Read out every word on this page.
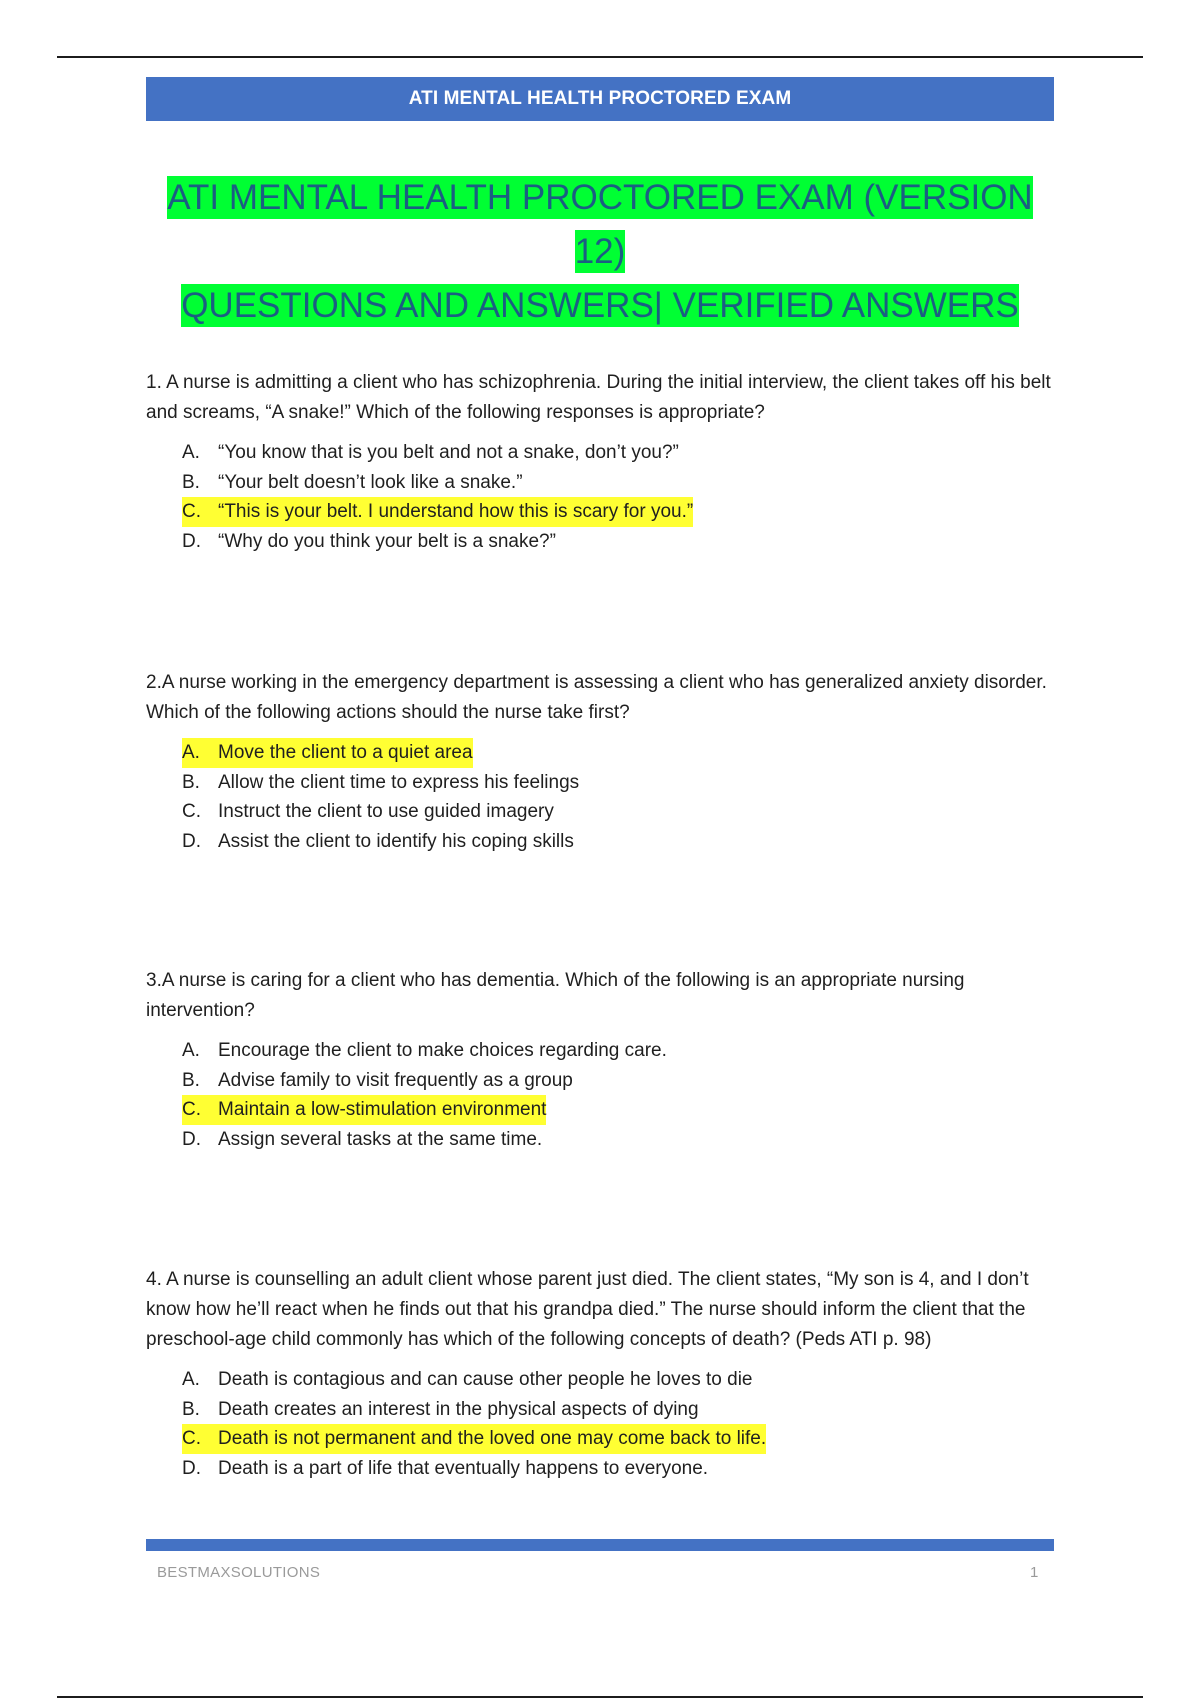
ATI MENTAL HEALTH PROCTORED EXAM
ATI MENTAL HEALTH PROCTORED EXAM (VERSION 12)
QUESTIONS AND ANSWERS| VERIFIED ANSWERS
1. A nurse is admitting a client who has schizophrenia. During the initial interview, the client takes off his belt and screams, “A snake!” Which of the following responses is appropriate?
A. “You know that is you belt and not a snake, don’t you?”
B. “Your belt doesn’t look like a snake.”
C. “This is your belt. I understand how this is scary for you.”
D. “Why do you think your belt is a snake?”
2.A nurse working in the emergency department is assessing a client who has generalized anxiety disorder. Which of the following actions should the nurse take first?
A. Move the client to a quiet area
B. Allow the client time to express his feelings
C. Instruct the client to use guided imagery
D. Assist the client to identify his coping skills
3.A nurse is caring for a client who has dementia. Which of the following is an appropriate nursing intervention?
A. Encourage the client to make choices regarding care.
B. Advise family to visit frequently as a group
C. Maintain a low-stimulation environment
D. Assign several tasks at the same time.
4. A nurse is counselling an adult client whose parent just died. The client states, “My son is 4, and I don’t know how he’ll react when he finds out that his grandpa died.” The nurse should inform the client that the preschool-age child commonly has which of the following concepts of death? (Peds ATI p. 98)
A. Death is contagious and can cause other people he loves to die
B. Death creates an interest in the physical aspects of dying
C. Death is not permanent and the loved one may come back to life.
D. Death is a part of life that eventually happens to everyone.
BESTMAXSOLUTIONS	1
